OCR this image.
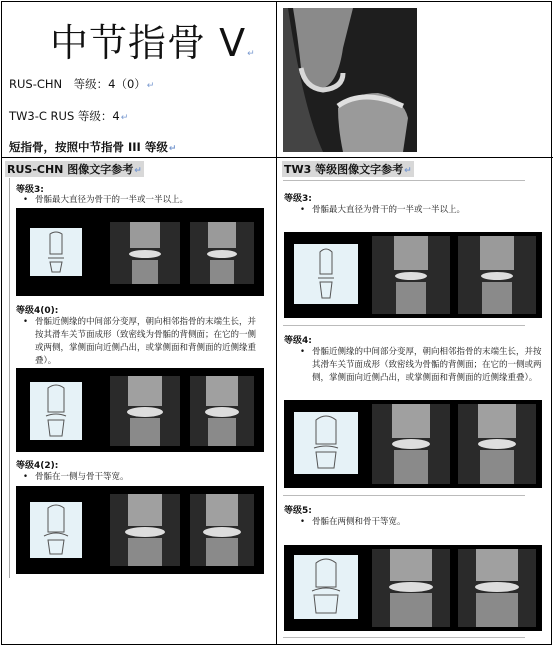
中节指骨 V↵
RUS-CHN　等级：4（0）↵
TW3-C RUS 等级：4↵
短指骨，按照中节指骨 III 等级↵
RUS-CHN 图像文字参考↵
等级3:
• 骨骺最大直径为骨干的一半或一半以上。
等级4(0):
• 骨骺近侧缘的中间部分变厚，朝向相邻指骨的末端生长，并按其滑车关节面成形（致密线为骨骺的背侧面；在它的一侧或两侧，掌侧面向近侧凸出，或掌侧面和背侧面的近侧缘重叠）。
等级4(2):
• 骨骺在一侧与骨干等宽。
TW3 等级图像文字参考↵
等级3:
• 骨骺最大直径为骨干的一半或一半以上。
等级4:
• 骨骺近侧缘的中间部分变厚，朝向相邻指骨的末端生长，并按其滑车关节面成形（致密线为骨骺的背侧面；在它的一侧或两侧，掌侧面向近侧凸出，或掌侧面和背侧面的近侧缘重叠）。
等级5:
• 骨骺在两侧和骨干等宽。
